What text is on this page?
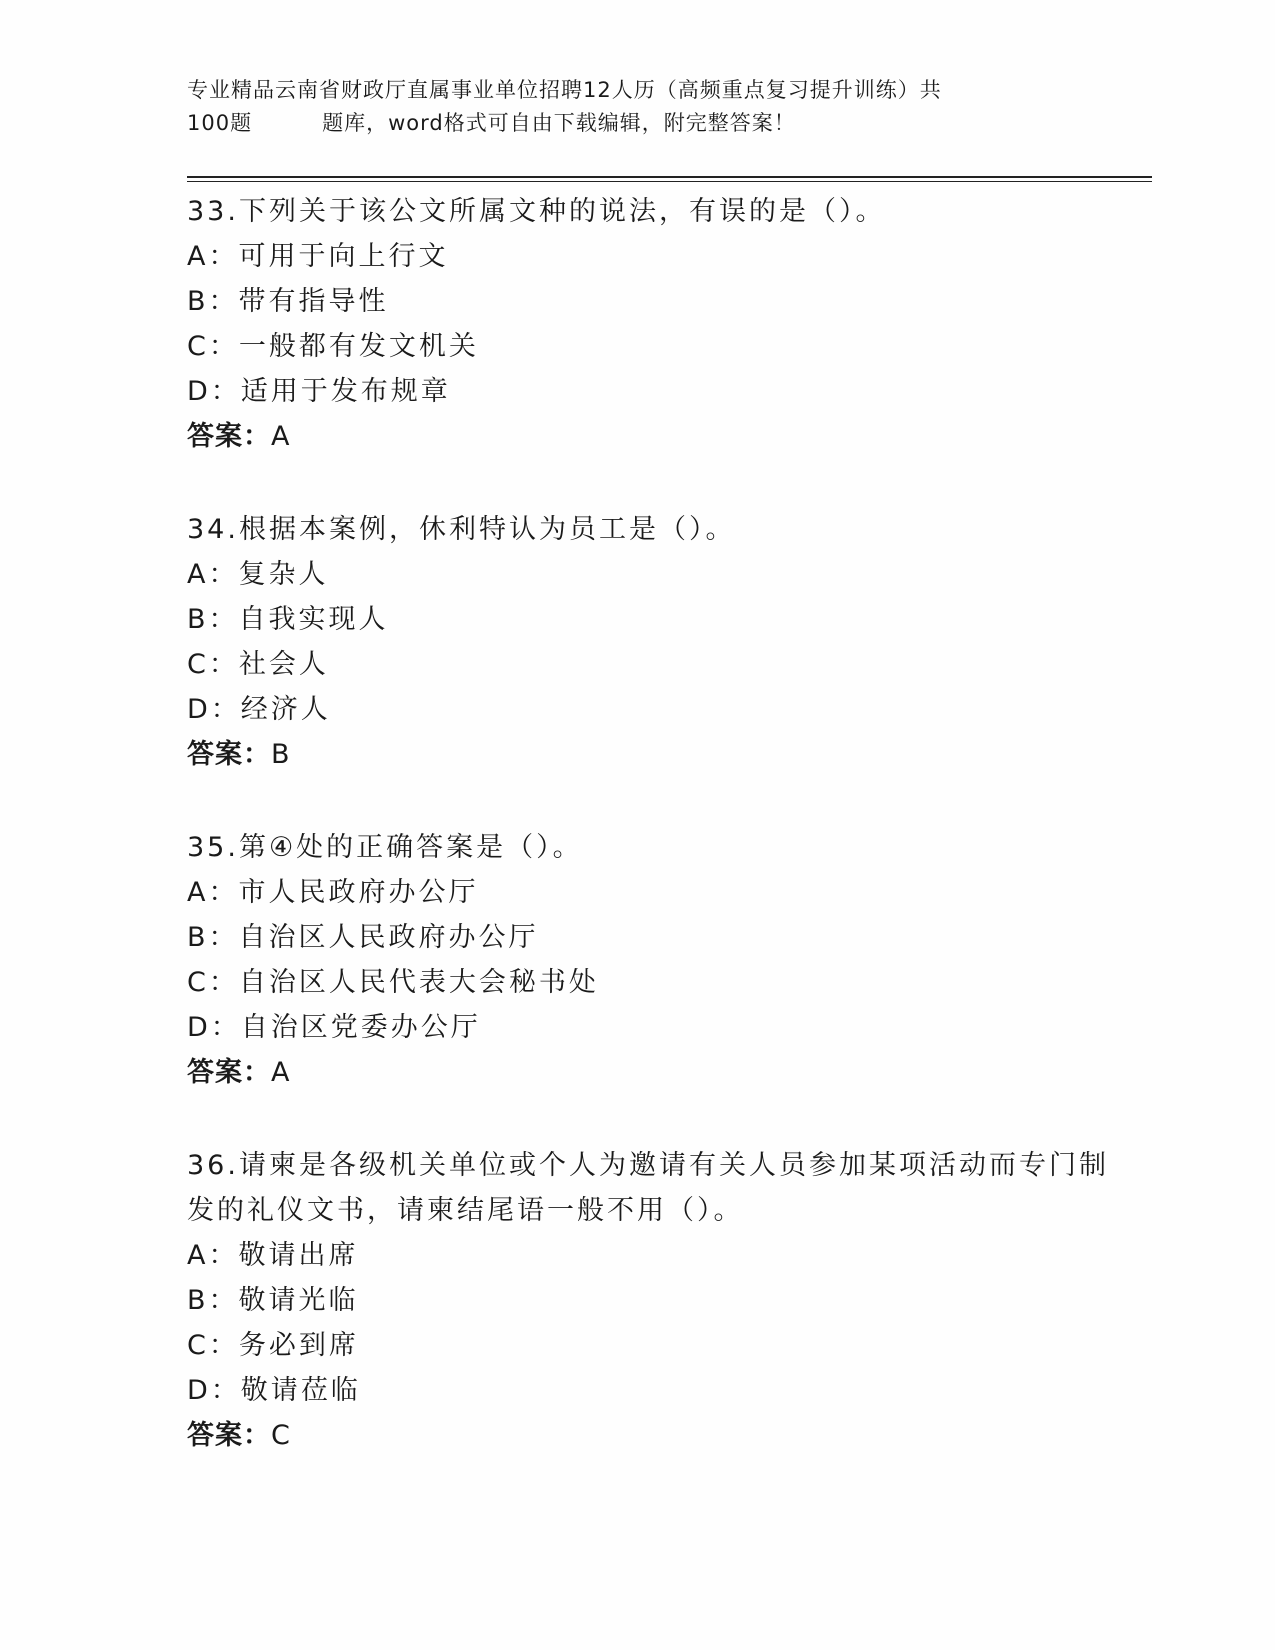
专业精品云南省财政厅直属事业单位招聘12人历（高频重点复习提升训练）共
100题	题库，word格式可自由下载编辑，附完整答案！
33.下列关于该公文所属文种的说法，有误的是（）。
A：可用于向上行文
B：带有指导性
C：一般都有发文机关
D：适用于发布规章
答案：A
34.根据本案例，休利特认为员工是（）。
A：复杂人
B：自我实现人
C：社会人
D：经济人
答案：B
35.第④处的正确答案是（）。
A：市人民政府办公厅
B：自治区人民政府办公厅
C：自治区人民代表大会秘书处
D：自治区党委办公厅
答案：A
36.请柬是各级机关单位或个人为邀请有关人员参加某项活动而专门制
发的礼仪文书，请柬结尾语一般不用（）。
A：敬请出席
B：敬请光临
C：务必到席
D：敬请莅临
答案：C
